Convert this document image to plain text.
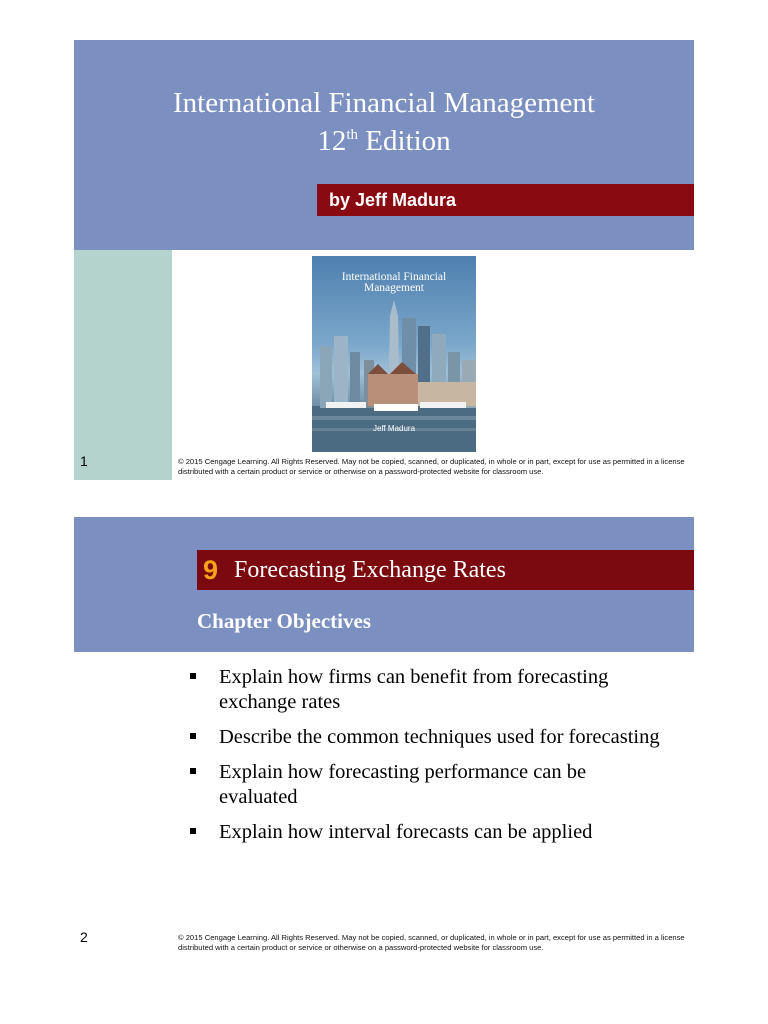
International Financial Management
12th Edition
by Jeff Madura
International Financial
Management
Jeff Madura
1	© 2015 Cengage Learning. All Rights Reserved. May not be copied, scanned, or duplicated, in whole or in part, except for use as permitted in a license distributed with a certain product or service or otherwise on a password-protected website for classroom use.
9 Forecasting Exchange Rates
Chapter Objectives
Explain how firms can benefit from forecasting exchange rates
Describe the common techniques used for forecasting
Explain how forecasting performance can be evaluated
Explain how interval forecasts can be applied
2	© 2015 Cengage Learning. All Rights Reserved. May not be copied, scanned, or duplicated, in whole or in part, except for use as permitted in a license distributed with a certain product or service or otherwise on a password-protected website for classroom use.
